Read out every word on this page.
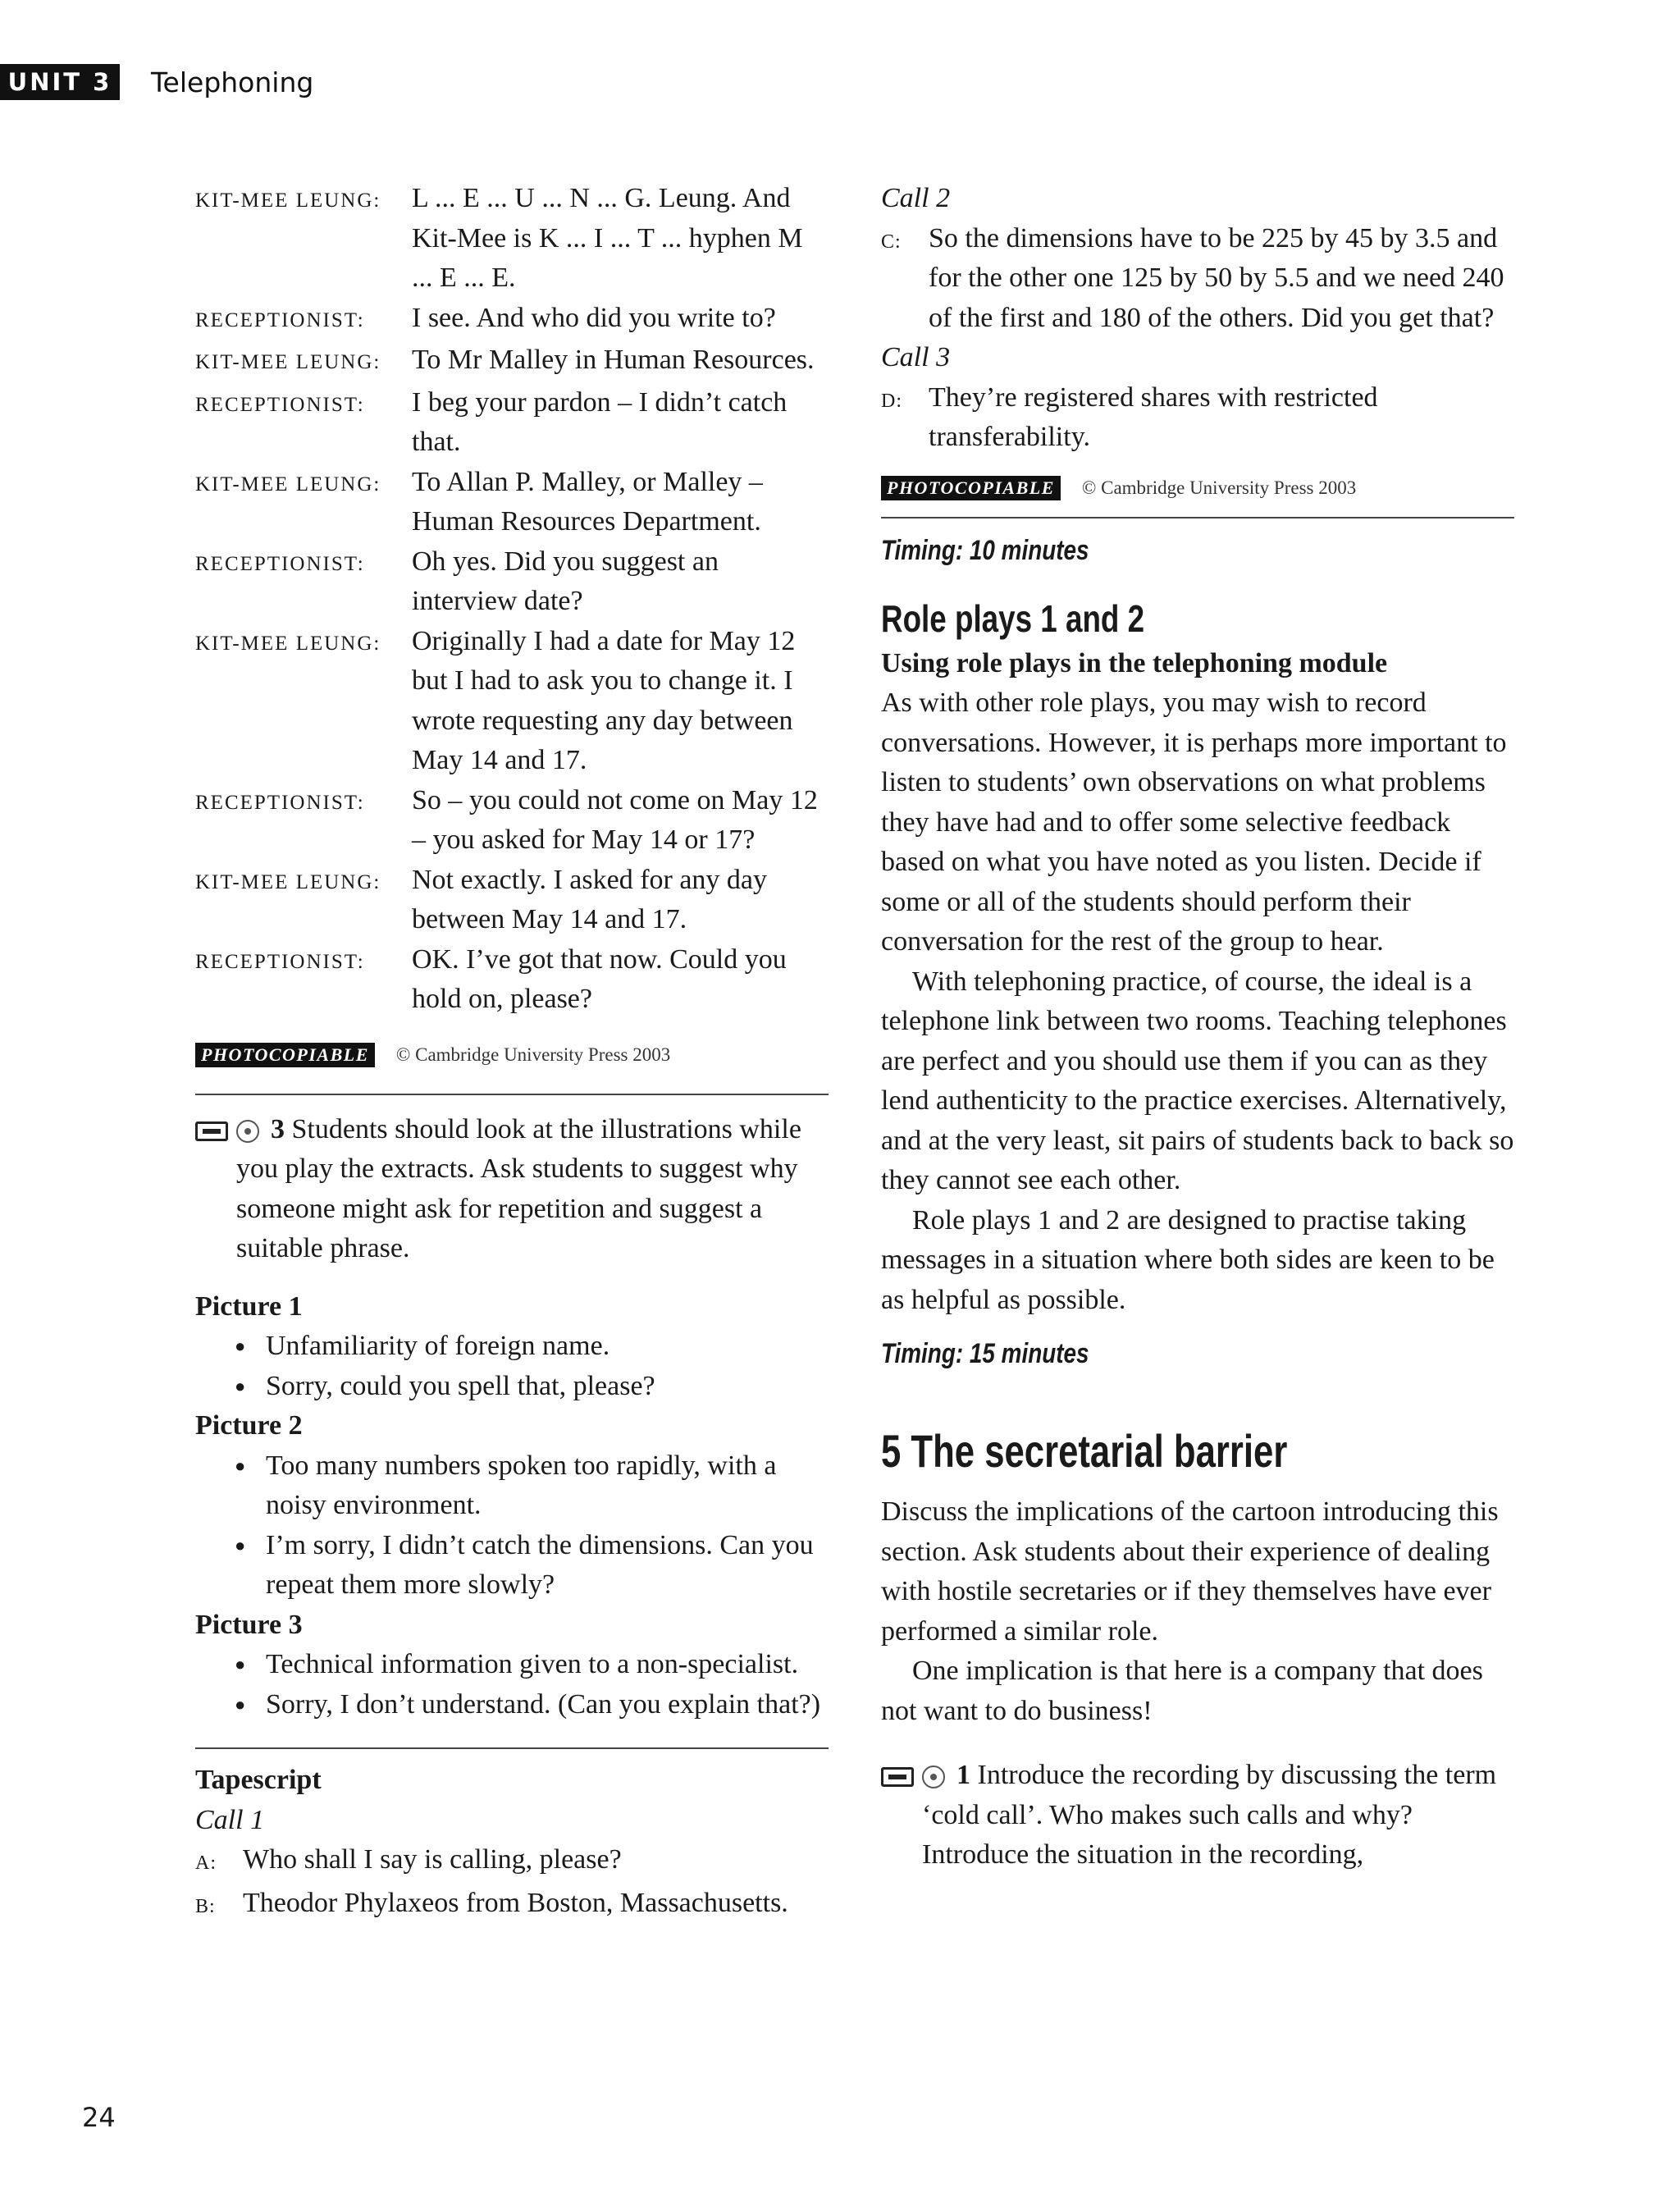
UNIT 3 Telephoning
KIT-MEE LEUNG:	L ... E ... U ... N ... G. Leung. And Kit-Mee is K ... I ... T ... hyphen M ... E ... E.
RECEPTIONIST:	I see. And who did you write to?
KIT-MEE LEUNG:	To Mr Malley in Human Resources.
RECEPTIONIST:	I beg your pardon – I didn’t catch that.
KIT-MEE LEUNG:	To Allan P. Malley, or Malley – Human Resources Department.
RECEPTIONIST:	Oh yes. Did you suggest an interview date?
KIT-MEE LEUNG:	Originally I had a date for May 12 but I had to ask you to change it. I wrote requesting any day between May 14 and 17.
RECEPTIONIST:	So – you could not come on May 12 – you asked for May 14 or 17?
KIT-MEE LEUNG:	Not exactly. I asked for any day between May 14 and 17.
RECEPTIONIST:	OK. I’ve got that now. Could you hold on, please?
PHOTOCOPIABLE	© Cambridge University Press 2003

3 Students should look at the illustrations while you play the extracts. Ask students to suggest why someone might ask for repetition and suggest a suitable phrase.

Picture 1

● Unfamiliarity of foreign name.
● Sorry, could you spell that, please?

Picture 2

● Too many numbers spoken too rapidly, with a noisy environment.
● I’m sorry, I didn’t catch the dimensions. Can you repeat them more slowly?

Picture 3

● Technical information given to a non-specialist.
● Sorry, I don’t understand. (Can you explain that?)

Tapescript

Call 1

A: Who shall I say is calling, please?
B: Theodor Phylaxeos from Boston, Massachusetts.

Call 2

C: So the dimensions have to be 225 by 45 by 3.5 and for the other one 125 by 50 by 5.5 and we need 240 of the first and 180 of the others. Did you get that?

Call 3

D: They’re registered shares with restricted transferability.
PHOTOCOPIABLE	© Cambridge University Press 2003
Timing: 10 minutes
Role plays 1 and 2

Using role plays in the telephoning module

As with other role plays, you may wish to record conversations. However, it is perhaps more important to listen to students’ own observations on what problems they have had and to offer some selective feedback based on what you have noted as you listen. Decide if some or all of the students should perform their conversation for the rest of the group to hear.

With telephoning practice, of course, the ideal is a telephone link between two rooms. Teaching telephones are perfect and you should use them if you can as they lend authenticity to the practice exercises. Alternatively, and at the very least, sit pairs of students back to back so they cannot see each other.

Role plays 1 and 2 are designed to practise taking messages in a situation where both sides are keen to be as helpful as possible.

Timing: 15 minutes
5 The secretarial barrier

Discuss the implications of the cartoon introducing this section. Ask students about their experience of dealing with hostile secretaries or if they themselves have ever performed a similar role.

One implication is that here is a company that does not want to do business!

1 Introduce the recording by discussing the term ‘cold call’. Who makes such calls and why? Introduce the situation in the recording,

24
